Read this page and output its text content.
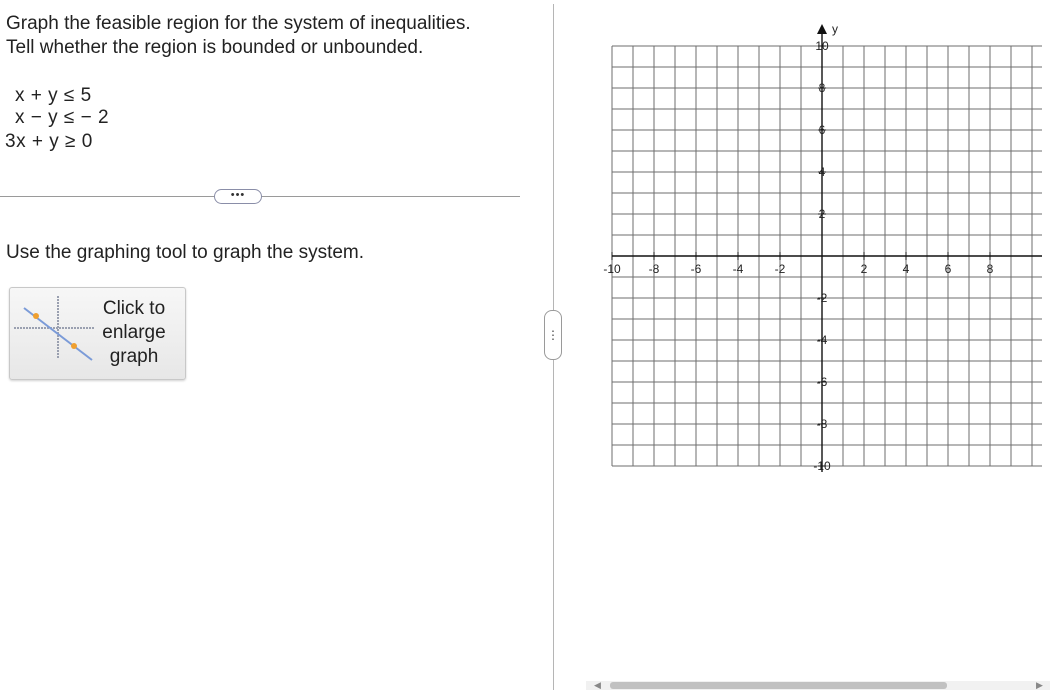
Graph the feasible region for the system of inequalities.
Tell whether the region is bounded or unbounded.
x + y ≤ 5
x − y ≤ − 2
3x + y ≥ 0
•••
Use the graphing tool to graph the system.
Click to
enlarge
graph
⋮
y
-10 -8	-6	-4	-2	2	4	6	8
10
8
6
4
2
-2
-4
-6
-8
-10
◀	▶
